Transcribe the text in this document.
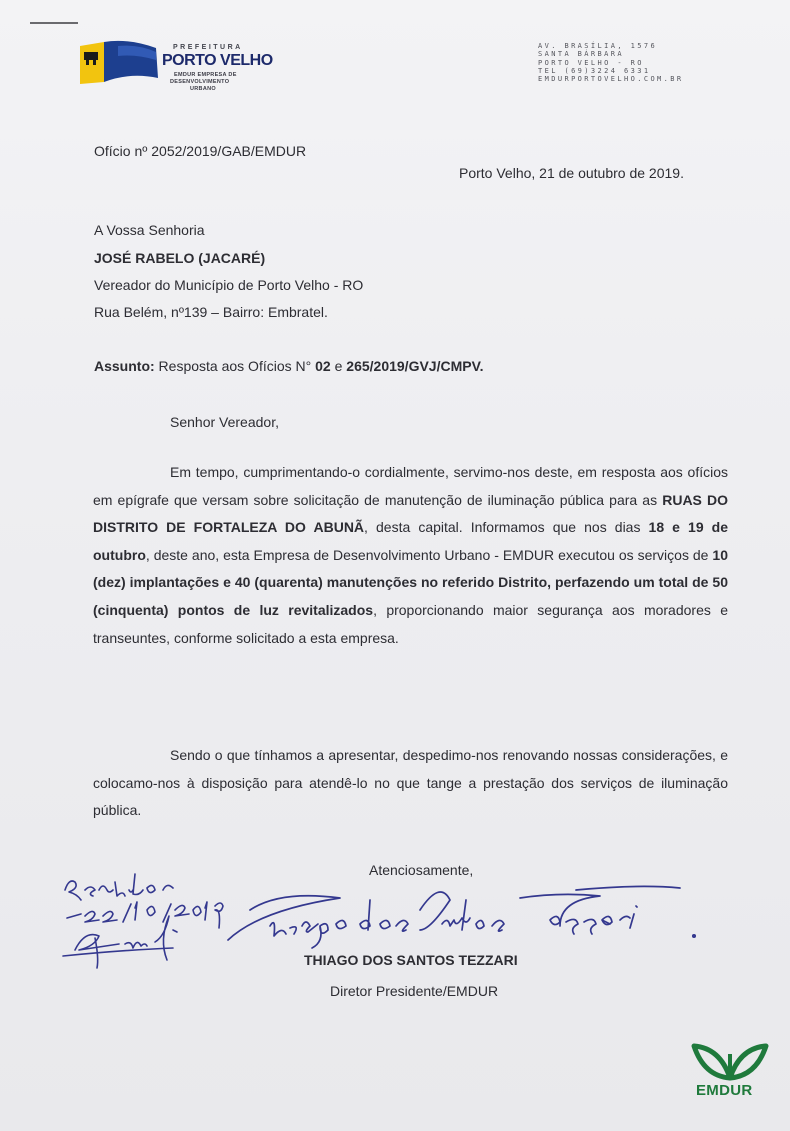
PREFEITURA
PORTO VELHO
EMDUR EMPRESA DE
DESENVOLVIMENTO
URBANO
AV. BRASÍLIA, 1576
SANTA BÁRBARA
PORTO VELHO - RO
TEL (69)3224 6331
EMDURPORTOVELHO.COM.BR
Ofício nº 2052/2019/GAB/EMDUR
Porto Velho, 21 de outubro de 2019.
A Vossa Senhoria
JOSÉ RABELO (JACARÉ)
Vereador do Município de Porto Velho - RO
Rua Belém, nº139 – Bairro: Embratel.
Assunto: Resposta aos Ofícios N° 02 e 265/2019/GVJ/CMPV.
Senhor Vereador,
Em tempo, cumprimentando-o cordialmente, servimo-nos deste, em resposta aos ofícios em epígrafe que versam sobre solicitação de manutenção de iluminação pública para as RUAS DO DISTRITO DE FORTALEZA DO ABUNÃ, desta capital. Informamos que nos dias 18 e 19 de outubro, deste ano, esta Empresa de Desenvolvimento Urbano - EMDUR executou os serviços de 10 (dez) implantações e 40 (quarenta) manutenções no referido Distrito, perfazendo um total de 50 (cinquenta) pontos de luz revitalizados, proporcionando maior segurança aos moradores e transeuntes, conforme solicitado a esta empresa.
Sendo o que tínhamos a apresentar, despedimo-nos renovando nossas considerações, e colocamo-nos à disposição para atendê-lo no que tange a prestação dos serviços de iluminação pública.
Atenciosamente,
THIAGO DOS SANTOS TEZZARI
Diretor Presidente/EMDUR
EMDUR
